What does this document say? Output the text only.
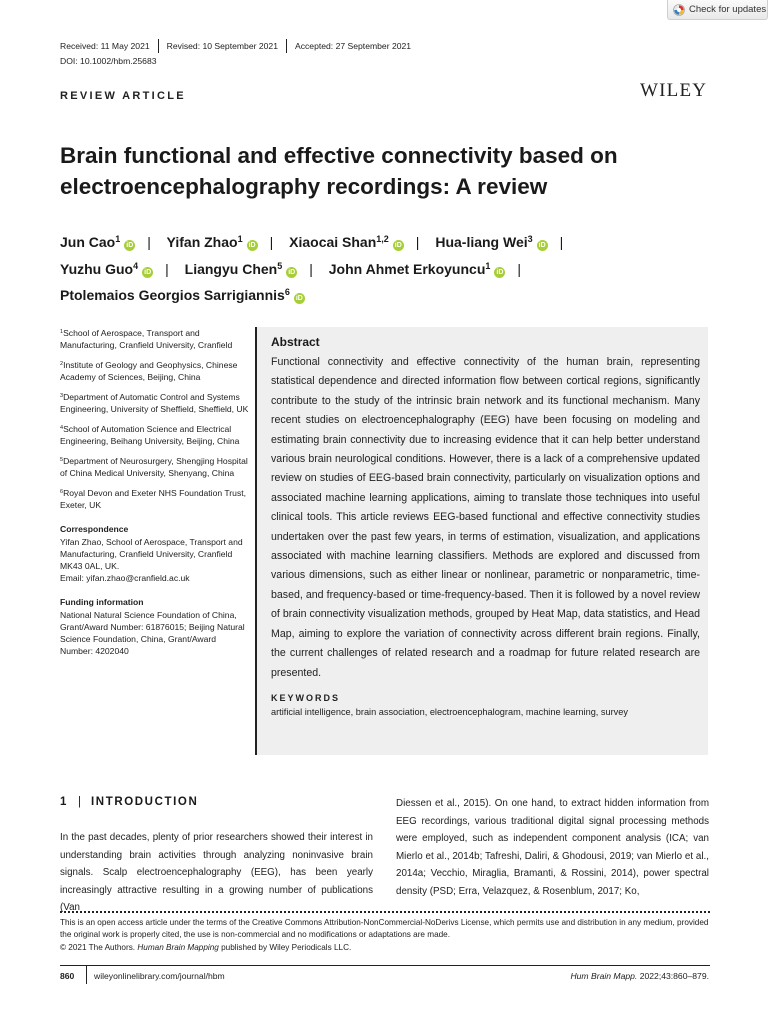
Check for updates
Received: 11 May 2021 Revised: 10 September 2021 Accepted: 27 September 2021
DOI: 10.1002/hbm.25683
REVIEW ARTICLE	WILEY
Brain functional and effective connectivity based on electroencephalography recordings: A review
Jun Cao$^1$iD | Yifan Zhao$^1$iD | Xiaocai Shan$^{1,2}$iD | Hua-liang Wei$^3$iD |
Yuzhu Guo$^4$iD | Liangyu Chen$^5$iD | John Ahmet Erkoyuncu$^1$iD |
Ptolemaios Georgios Sarrigiannis$^6$iD

$^1$School of Aerospace, Transport and Manufacturing, Cranfield University, Cranfield

$^2$Institute of Geology and Geophysics, Chinese Academy of Sciences, Beijing, China

$^3$Department of Automatic Control and Systems Engineering, University of Sheffield, Sheffield, UK

$^4$School of Automation Science and Electrical Engineering, Beihang University, Beijing, China

$^5$Department of Neurosurgery, Shengjing Hospital of China Medical University, Shenyang, China

$^6$Royal Devon and Exeter NHS Foundation Trust, Exeter, UK

Correspondence

Yifan Zhao, School of Aerospace, Transport and Manufacturing, Cranfield University, Cranfield MK43 0AL, UK.

Email: yifan.zhao@cranfield.ac.uk

Funding information

National Natural Science Foundation of China, Grant/Award Number: 61876015; Beijing Natural Science Foundation, China, Grant/Award Number: 4202040

Abstract
Functional connectivity and effective connectivity of the human brain, representing statistical dependence and directed information flow between cortical regions, significantly contribute to the study of the intrinsic brain network and its functional mechanism. Many recent studies on electroencephalography (EEG) have been focusing on modeling and estimating brain connectivity due to increasing evidence that it can help better understand various brain neurological conditions. However, there is a lack of a comprehensive updated review on studies of EEG-based brain connectivity, particularly on visualization options and associated machine learning applications, aiming to translate those techniques into useful clinical tools. This article reviews EEG-based functional and effective connectivity studies undertaken over the past few years, in terms of estimation, visualization, and applications associated with machine learning classifiers. Methods are explored and discussed from various dimensions, such as either linear or nonlinear, parametric or nonparametric, time-based, and frequency-based or time-frequency-based. Then it is followed by a novel review of brain connectivity visualization methods, grouped by Heat Map, data statistics, and Head Map, aiming to explore the variation of connectivity across different brain regions. Finally, the current challenges of related research and a roadmap for future related research are presented.
KEYWORDS
artificial intelligence, brain association, electroencephalogram, machine learning, survey
1 | INTRODUCTION
In the past decades, plenty of prior researchers showed their interest in understanding brain activities through analyzing noninvasive brain signals. Scalp electroencephalography (EEG), has been yearly increasingly attractive resulting in a growing number of publications (Van
Diessen et al., 2015). On one hand, to extract hidden information from EEG recordings, various traditional digital signal processing methods were employed, such as independent component analysis (ICA; van Mierlo et al., 2014b; Tafreshi, Daliri, & Ghodousi, 2019; van Mierlo et al., 2014a; Vecchio, Miraglia, Bramanti, & Rossini, 2014), power spectral density (PSD; Erra, Velazquez, & Rosenblum, 2017; Ko,
This is an open access article under the terms of the Creative Commons Attribution-NonCommercial-NoDerivs License, which permits use and distribution in any medium, provided the original work is properly cited, the use is non-commercial and no modifications or adaptations are made.
© 2021 The Authors. Human Brain Mapping published by Wiley Periodicals LLC.
860 wileyonlinelibrary.com/journal/hbm	Hum Brain Mapp. 2022;43:860–879.
